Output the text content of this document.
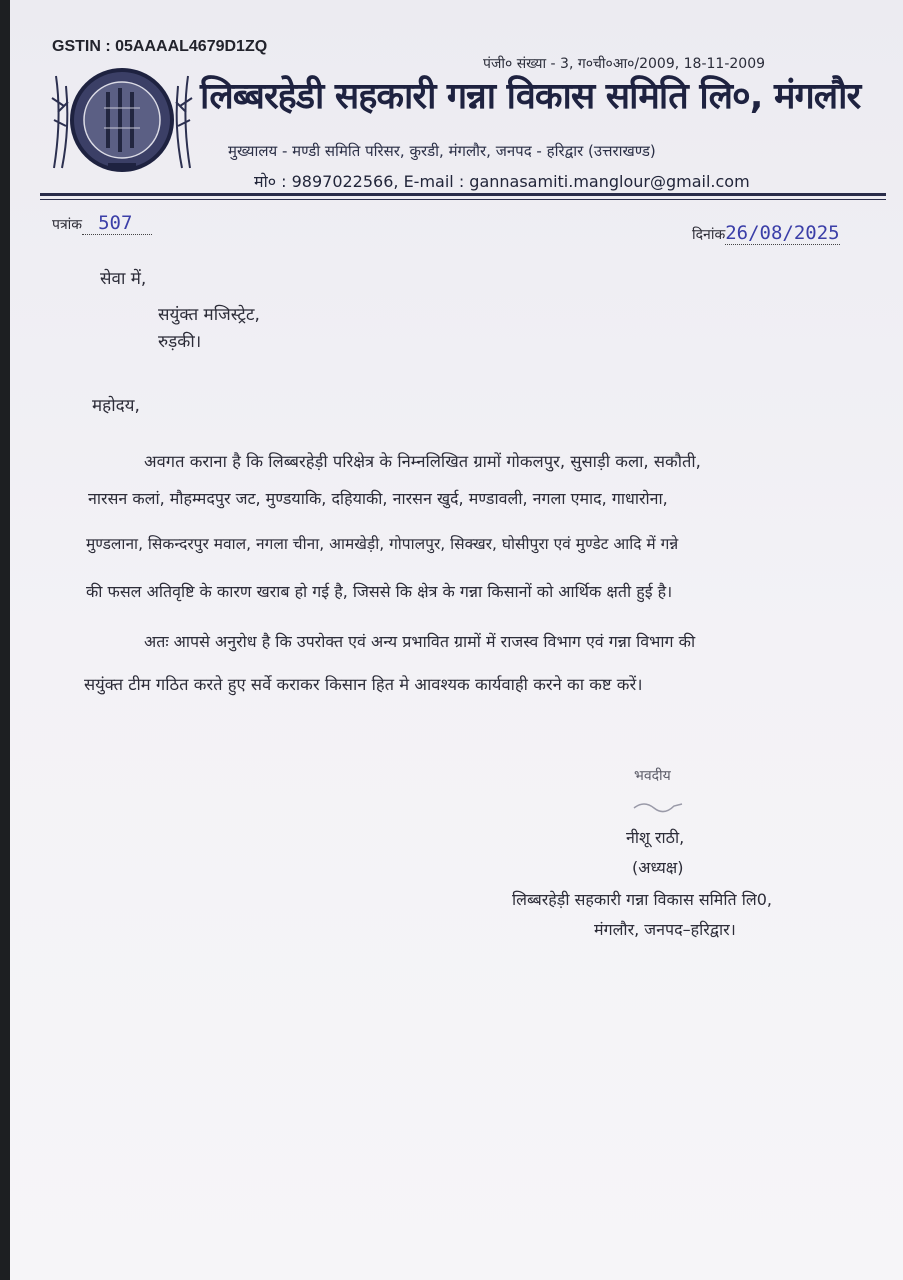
GSTIN : 05AAAAL4679D1ZQ
पंजी० संख्या - 3, ग०ची०आ०/2009, 18-11-2009
लिब्बरहेडी सहकारी गन्ना विकास समिति लि०, मंगलौर
मुख्यालय - मण्डी समिति परिसर, कुरडी, मंगलौर, जनपद - हरिद्वार (उत्तराखण्ड)
मो० : 9897022566, E-mail : gannasamiti.manglour@gmail.com
पत्रांक 507
दिनांक26/08/2025
सेवा में,
सयुंक्त मजिस्ट्रेट,
रुड़की।
महोदय,
अवगत कराना है कि लिब्बरहेड़ी परिक्षेत्र के निम्नलिखित ग्रामों गोकलपुर, सुसाड़ी कला, सकौती,
नारसन कलां, मौहम्मदपुर जट, मुण्डयाकि, दहियाकी, नारसन खुर्द, मण्डावली, नगला एमाद, गाधारोना,
मुण्डलाना, सिकन्दरपुर मवाल, नगला चीना, आमखेड़ी, गोपालपुर, सिक्खर, घोसीपुरा एवं मुण्डेट आदि में गन्ने
की फसल अतिवृष्टि के कारण खराब हो गई है, जिससे कि क्षेत्र के गन्ना किसानों को आर्थिक क्षती हुई है।
अतः आपसे अनुरोध है कि उपरोक्त एवं अन्य प्रभावित ग्रामों में राजस्व विभाग एवं गन्ना विभाग की
सयुंक्त टीम गठित करते हुए सर्वे कराकर किसान हित मे आवश्यक कार्यवाही करने का कष्ट करें।
भवदीय
नीशू राठी,
(अध्यक्ष)
लिब्बरहेड़ी सहकारी गन्ना विकास समिति लि0,
मंगलौर, जनपद–हरिद्वार।
